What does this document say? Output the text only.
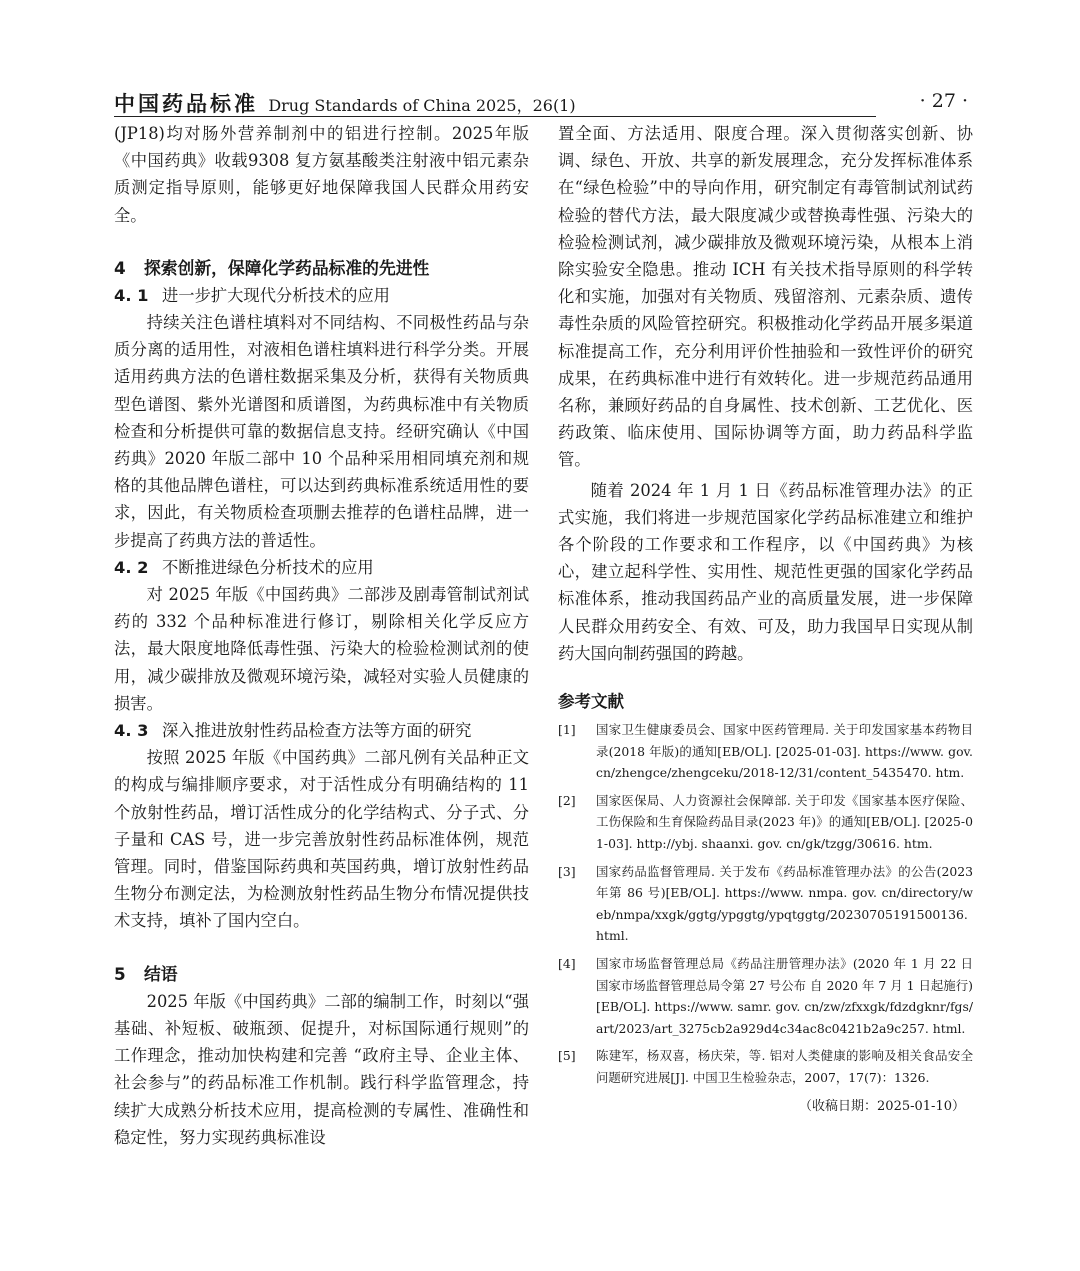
中国药品标准 Drug Standards of China 2025，26(1)	· 27 ·

(JP18)均对肠外营养制剂中的铝进行控制。2025年版《中国药典》收载9308 复方氨基酸类注射液中铝元素杂质测定指导原则，能够更好地保障我国人民群众用药安全。

4 探索创新，保障化学药品标准的先进性
4. 1 进一步扩大现代分析技术的应用

持续关注色谱柱填料对不同结构、不同极性药品与杂质分离的适用性，对液相色谱柱填料进行科学分类。开展适用药典方法的色谱柱数据采集及分析，获得有关物质典型色谱图、紫外光谱图和质谱图，为药典标准中有关物质检查和分析提供可靠的数据信息支持。经研究确认《中国药典》2020 年版二部中 10 个品种采用相同填充剂和规格的其他品牌色谱柱，可以达到药典标准系统适用性的要求，因此，有关物质检查项删去推荐的色谱柱品牌，进一步提高了药典方法的普适性。

4. 2 不断推进绿色分析技术的应用

对 2025 年版《中国药典》二部涉及剧毒管制试剂试药的 332 个品种标准进行修订，剔除相关化学反应方法，最大限度地降低毒性强、污染大的检验检测试剂的使用，减少碳排放及微观环境污染，减轻对实验人员健康的损害。

4. 3 深入推进放射性药品检查方法等方面的研究

按照 2025 年版《中国药典》二部凡例有关品种正文的构成与编排顺序要求，对于活性成分有明确结构的 11 个放射性药品，增订活性成分的化学结构式、分子式、分子量和 CAS 号，进一步完善放射性药品标准体例，规范管理。同时，借鉴国际药典和英国药典，增订放射性药品生物分布测定法，为检测放射性药品生物分布情况提供技术支持，填补了国内空白。

5 结语

2025 年版《中国药典》二部的编制工作，时刻以“强基础、补短板、破瓶颈、促提升，对标国际通行规则”的工作理念，推动加快构建和完善 “政府主导、企业主体、社会参与”的药品标准工作机制。践行科学监管理念，持续扩大成熟分析技术应用，提高检测的专属性、准确性和稳定性，努力实现药典标准设

置全面、方法适用、限度合理。深入贯彻落实创新、协调、绿色、开放、共享的新发展理念，充分发挥标准体系在“绿色检验”中的导向作用，研究制定有毒管制试剂试药检验的替代方法，最大限度减少或替换毒性强、污染大的检验检测试剂，减少碳排放及微观环境污染，从根本上消除实验安全隐患。推动 ICH 有关技术指导原则的科学转化和实施，加强对有关物质、残留溶剂、元素杂质、遗传毒性杂质的风险管控研究。积极推动化学药品开展多渠道标准提高工作，充分利用评价性抽验和一致性评价的研究成果，在药典标准中进行有效转化。进一步规范药品通用名称，兼顾好药品的自身属性、技术创新、工艺优化、医药政策、临床使用、国际协调等方面，助力药品科学监管。

随着 2024 年 1 月 1 日《药品标准管理办法》的正式实施，我们将进一步规范国家化学药品标准建立和维护各个阶段的工作要求和工作程序，以《中国药典》为核心，建立起科学性、实用性、规范性更强的国家化学药品标准体系，推动我国药品产业的高质量发展，进一步保障人民群众用药安全、有效、可及，助力我国早日实现从制药大国向制药强国的跨越。

参考文献
[1] 国家卫生健康委员会、国家中医药管理局. 关于印发国家基本药物目录(2018 年版)的通知[EB/OL]. [2025-01-03]. https://www. gov. cn/zhengce/zhengceku/2018-12/31/content_5435470. htm.
[2] 国家医保局、人力资源社会保障部. 关于印发《国家基本医疗保险、工伤保险和生育保险药品目录(2023 年)》的通知[EB/OL]. [2025-01-03]. http://ybj. shaanxi. gov. cn/gk/tzgg/30616. htm.
[3] 国家药品监督管理局. 关于发布《药品标准管理办法》的公告(2023 年第 86 号)[EB/OL]. https://www. nmpa. gov. cn/directory/web/nmpa/xxgk/ggtg/ypggtg/ypqtggtg/20230705191500136. html.
[4] 国家市场监督管理总局《药品注册管理办法》(2020 年 1 月 22 日国家市场监督管理总局令第 27 号公布 自 2020 年 7 月 1 日起施行)[EB/OL]. https://www. samr. gov. cn/zw/zfxxgk/fdzdgknr/fgs/art/2023/art_3275cb2a929d4c34ac8c0421b2a9c257. html.
[5] 陈建军，杨双喜，杨庆荣，等. 铝对人类健康的影响及相关食品安全问题研究进展[J]. 中国卫生检验杂志，2007，17(7)：1326.
（收稿日期：2025-01-10）
